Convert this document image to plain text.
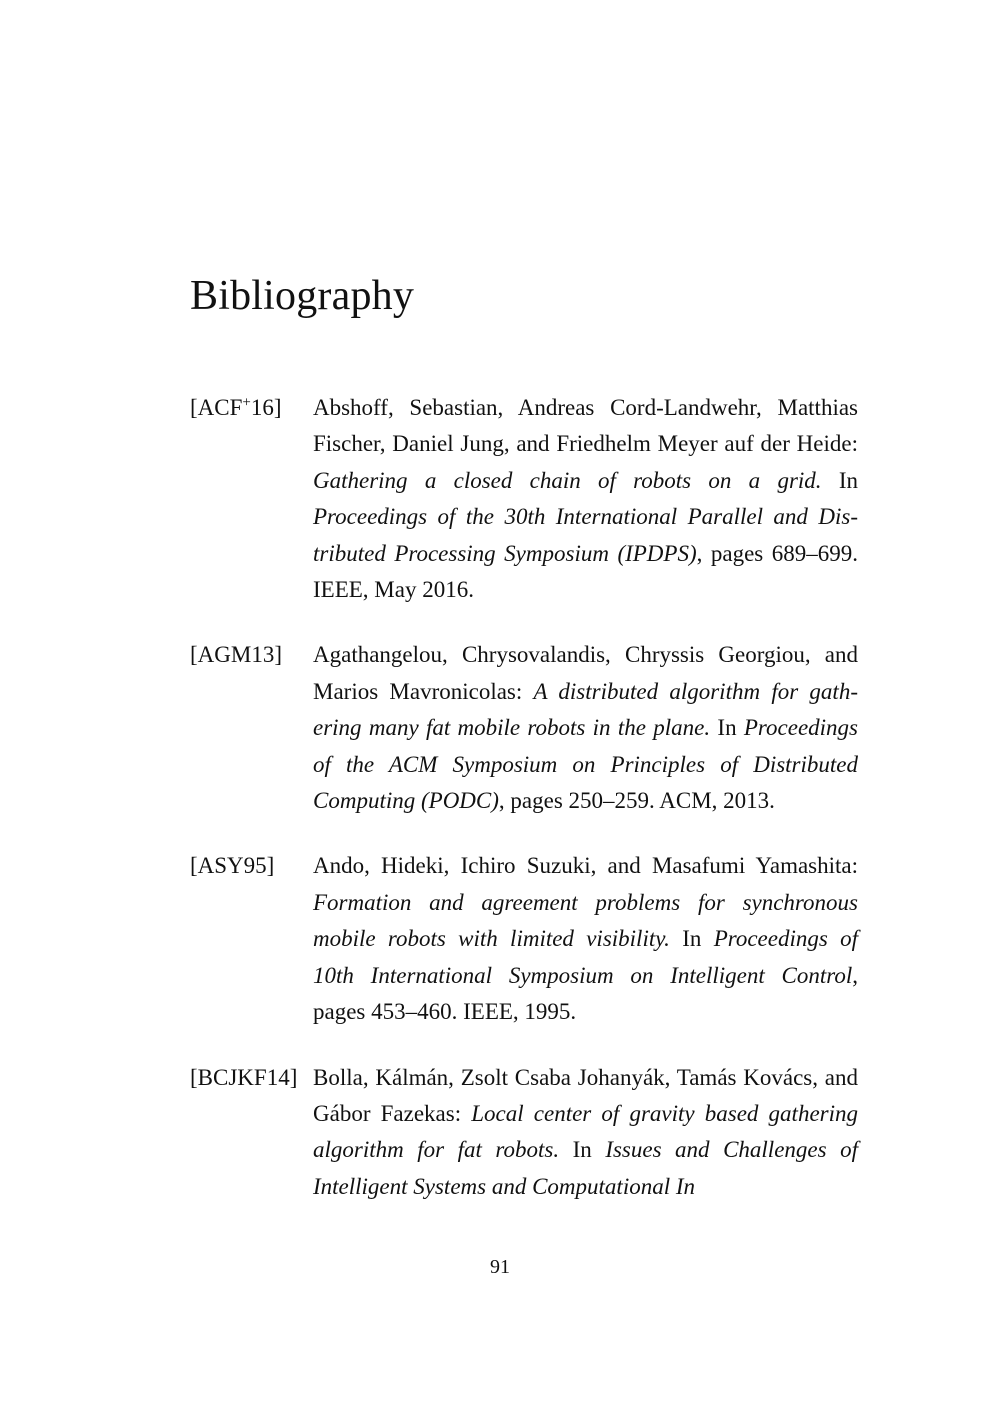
Bibliography
[ACF+16]	Abshoff, Sebastian, Andreas Cord-Landwehr, Matthias Fischer, Daniel Jung, and Friedhelm Meyer auf der Heide: Gathering a closed chain of robots on a grid. In Proceedings of the 30th International Parallel and Distributed Processing Symposium (IPDPS), pages 689–699. IEEE, May 2016.
[AGM13]	Agathangelou, Chrysovalandis, Chryssis Georgiou, and Marios Mavronicolas: A distributed algorithm for gathering many fat mobile robots in the plane. In Proceedings of the ACM Symposium on Principles of Distributed Computing (PODC), pages 250–259. ACM, 2013.
[ASY95]	Ando, Hideki, Ichiro Suzuki, and Masafumi Yamashita: Formation and agreement problems for synchronous mobile robots with limited visibility. In Proceedings of 10th International Symposium on Intelligent Control, pages 453–460. IEEE, 1995.
[BCJKF14] Bolla, Kálmán, Zsolt Csaba Johanyák, Tamás Kovács, and Gábor Fazekas: Local center of gravity based gathering algorithm for fat robots. In Issues and Challenges of Intelligent Systems and Computational In
91
